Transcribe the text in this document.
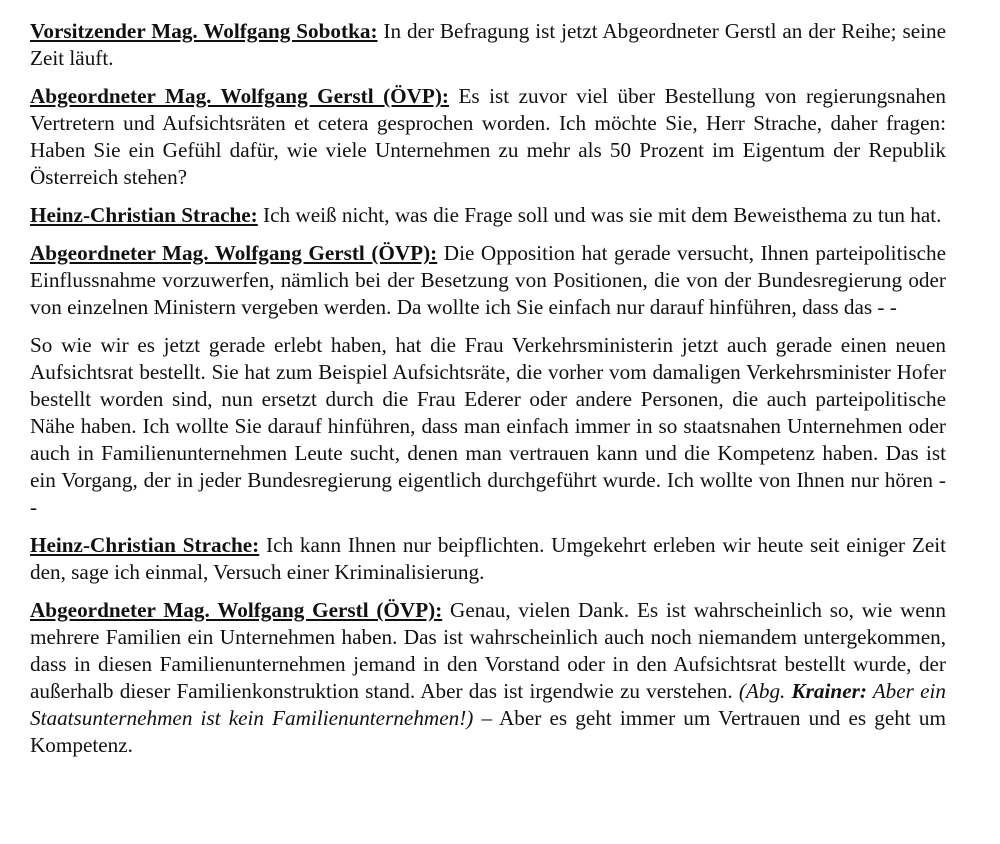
Vorsitzender Mag. Wolfgang Sobotka: In der Befragung ist jetzt Abgeordneter Gerstl an der Reihe; seine Zeit läuft.

Abgeordneter Mag. Wolfgang Gerstl (ÖVP): Es ist zuvor viel über Bestellung von regierungsnahen Vertretern und Aufsichtsräten et cetera gesprochen worden. Ich möchte Sie, Herr Strache, daher fragen: Haben Sie ein Gefühl dafür, wie viele Unternehmen zu mehr als 50 Prozent im Eigentum der Republik Österreich stehen?

Heinz-Christian Strache: Ich weiß nicht, was die Frage soll und was sie mit dem Beweisthema zu tun hat.

Abgeordneter Mag. Wolfgang Gerstl (ÖVP): Die Opposition hat gerade versucht, Ihnen parteipolitische Einflussnahme vorzuwerfen, nämlich bei der Besetzung von Positionen, die von der Bundesregierung oder von einzelnen Ministern vergeben werden. Da wollte ich Sie einfach nur darauf hinführen, dass das - -

So wie wir es jetzt gerade erlebt haben, hat die Frau Verkehrsministerin jetzt auch gerade einen neuen Aufsichtsrat bestellt. Sie hat zum Beispiel Aufsichtsräte, die vorher vom damaligen Verkehrsminister Hofer bestellt worden sind, nun ersetzt durch die Frau Ederer oder andere Personen, die auch parteipolitische Nähe haben. Ich wollte Sie darauf hinführen, dass man einfach immer in so staatsnahen Unternehmen oder auch in Familienunternehmen Leute sucht, denen man vertrauen kann und die Kompetenz haben. Das ist ein Vorgang, der in jeder Bundesregierung eigentlich durchgeführt wurde. Ich wollte von Ihnen nur hören - -

Heinz-Christian Strache: Ich kann Ihnen nur beipflichten. Umgekehrt erleben wir heute seit einiger Zeit den, sage ich einmal, Versuch einer Kriminalisierung.

Abgeordneter Mag. Wolfgang Gerstl (ÖVP): Genau, vielen Dank. Es ist wahrscheinlich so, wie wenn mehrere Familien ein Unternehmen haben. Das ist wahrscheinlich auch noch niemandem untergekommen, dass in diesen Familienunternehmen jemand in den Vorstand oder in den Aufsichtsrat bestellt wurde, der außerhalb dieser Familienkonstruktion stand. Aber das ist irgendwie zu verstehen. (Abg. Krainer: Aber ein Staatsunternehmen ist kein Familienunternehmen!) – Aber es geht immer um Vertrauen und es geht um Kompetenz.
